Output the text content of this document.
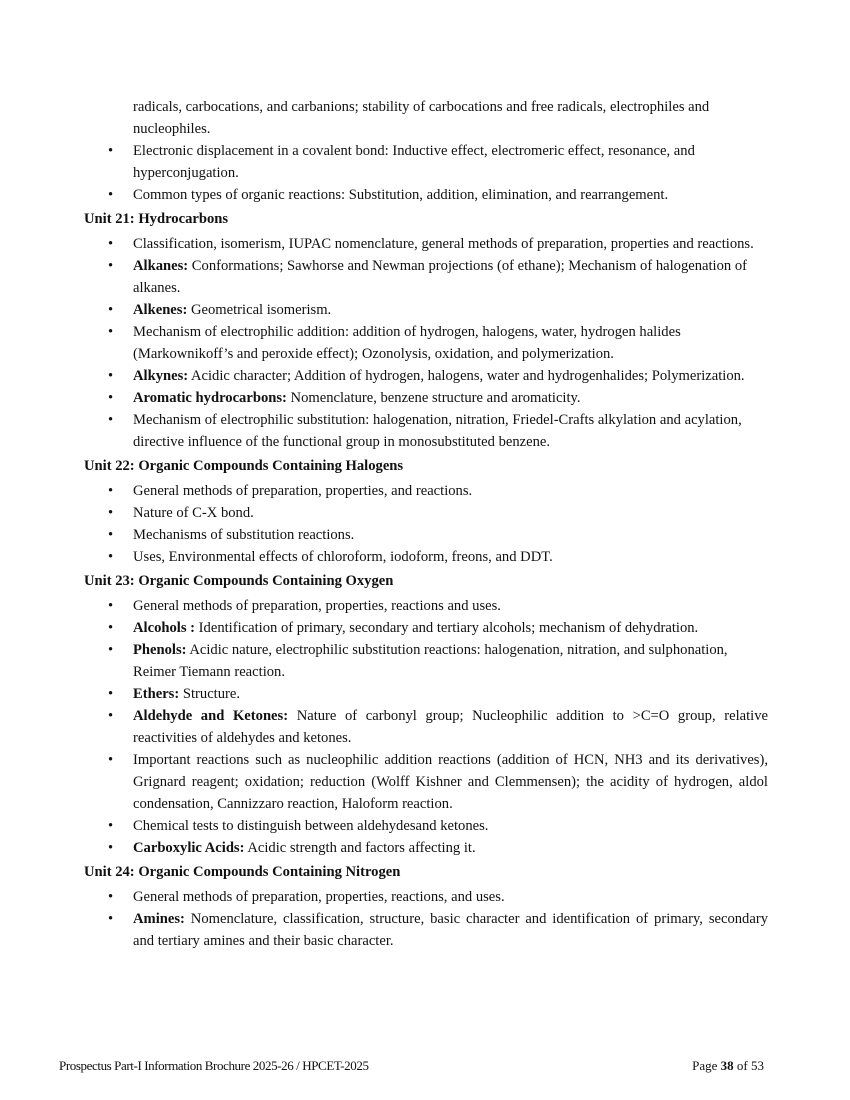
radicals, carbocations, and carbanions; stability of carbocations and free radicals, electrophiles and nucleophiles.
• Electronic displacement in a covalent bond: Inductive effect, electromeric effect, resonance, and hyperconjugation.
• Common types of organic reactions: Substitution, addition, elimination, and rearrangement.
Unit 21: Hydrocarbons
• Classification, isomerism, IUPAC nomenclature, general methods of preparation, properties and reactions.
• Alkanes: Conformations; Sawhorse and Newman projections (of ethane); Mechanism of halogenation of alkanes.
• Alkenes: Geometrical isomerism.
• Mechanism of electrophilic addition: addition of hydrogen, halogens, water, hydrogen halides (Markownikoff’s and peroxide effect); Ozonolysis, oxidation, and polymerization.
• Alkynes: Acidic character; Addition of hydrogen, halogens, water and hydrogenhalides; Polymerization.
• Aromatic hydrocarbons: Nomenclature, benzene structure and aromaticity.
• Mechanism of electrophilic substitution: halogenation, nitration, Friedel-Crafts alkylation and acylation, directive influence of the functional group in monosubstituted benzene.
Unit 22: Organic Compounds Containing Halogens
• General methods of preparation, properties, and reactions.
• Nature of C-X bond.
• Mechanisms of substitution reactions.
• Uses, Environmental effects of chloroform, iodoform, freons, and DDT.
Unit 23: Organic Compounds Containing Oxygen
• General methods of preparation, properties, reactions and uses.
• Alcohols : Identification of primary, secondary and tertiary alcohols; mechanism of dehydration.
• Phenols: Acidic nature, electrophilic substitution reactions: halogenation, nitration, and sulphonation, Reimer Tiemann reaction.
• Ethers: Structure.
• Aldehyde and Ketones: Nature of carbonyl group; Nucleophilic addition to >C=O group, relative reactivities of aldehydes and ketones.
• Important reactions such as nucleophilic addition reactions (addition of HCN, NH3 and its derivatives), Grignard reagent; oxidation; reduction (Wolff Kishner and Clemmensen); the acidity of hydrogen, aldol condensation, Cannizzaro reaction, Haloform reaction.
• Chemical tests to distinguish between aldehydesand ketones.
• Carboxylic Acids: Acidic strength and factors affecting it.
Unit 24: Organic Compounds Containing Nitrogen
• General methods of preparation, properties, reactions, and uses.
• Amines: Nomenclature, classification, structure, basic character and identification of primary, secondary and tertiary amines and their basic character.
Prospectus Part-I Information Brochure 2025-26 / HPCET-2025	Page 38 of 53
